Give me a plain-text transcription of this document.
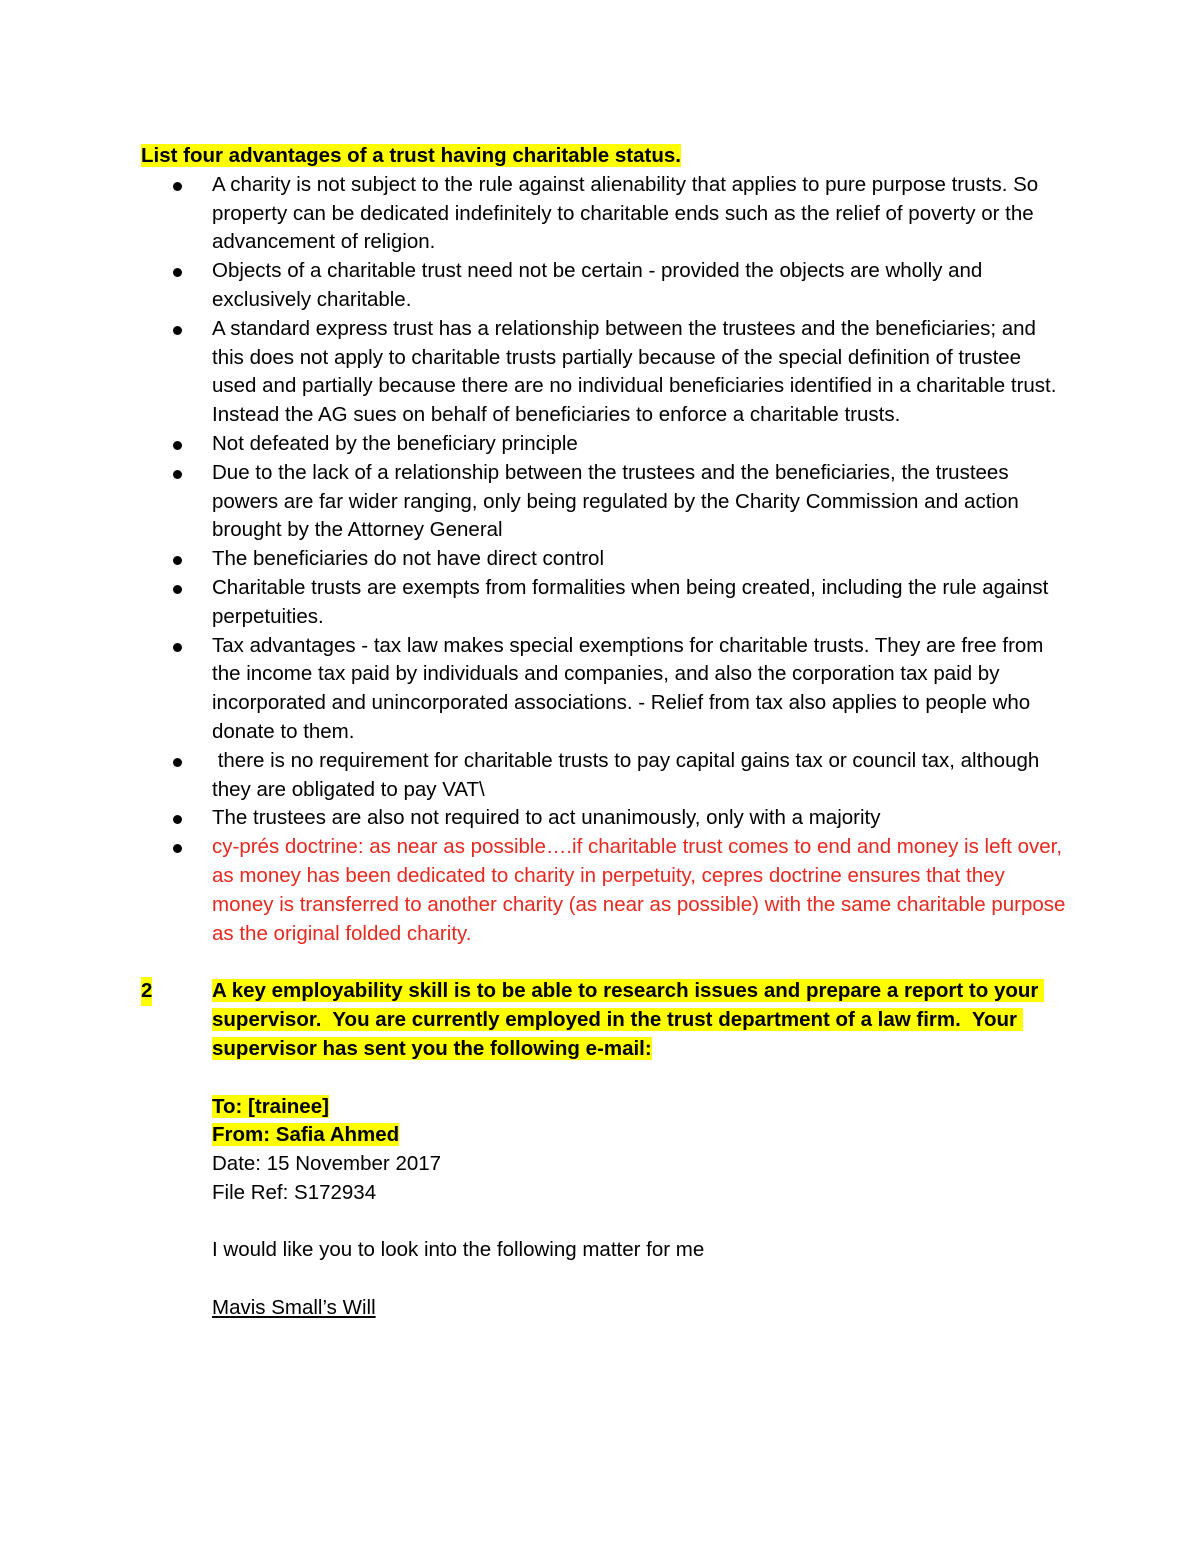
List four advantages of a trust having charitable status.

A charity is not subject to the rule against alienability that applies to pure purpose trusts. So property can be dedicated indefinitely to charitable ends such as the relief of poverty or the advancement of religion.
Objects of a charitable trust need not be certain - provided the objects are wholly and exclusively charitable.
A standard express trust has a relationship between the trustees and the beneficiaries; and this does not apply to charitable trusts partially because of the special definition of trustee used and partially because there are no individual beneficiaries identified in a charitable trust. Instead the AG sues on behalf of beneficiaries to enforce a charitable trusts.
Not defeated by the beneficiary principle
Due to the lack of a relationship between the trustees and the beneficiaries, the trustees powers are far wider ranging, only being regulated by the Charity Commission and action brought by the Attorney General
The beneficiaries do not have direct control
Charitable trusts are exempts from formalities when being created, including the rule against perpetuities.
Tax advantages - tax law makes special exemptions for charitable trusts. They are free from the income tax paid by individuals and companies, and also the corporation tax paid by incorporated and unincorporated associations. - Relief from tax also applies to people who donate to them.
there is no requirement for charitable trusts to pay capital gains tax or council tax, although they are obligated to pay VAT\
The trustees are also not required to act unanimously, only with a majority
cy-prés doctrine: as near as possible….if charitable trust comes to end and money is left over, as money has been dedicated to charity in perpetuity, cepres doctrine ensures that they money is transferred to another charity (as near as possible) with the same charitable purpose as the original folded charity.
2	A key employability skill is to be able to research issues and prepare a report to your supervisor.  You are currently employed in the trust department of a law firm.  Your supervisor has sent you the following e-mail:

To: [trainee]
From: Safia Ahmed
Date: 15 November 2017
File Ref: S172934
I would like you to look into the following matter for me
Mavis Small’s Will
